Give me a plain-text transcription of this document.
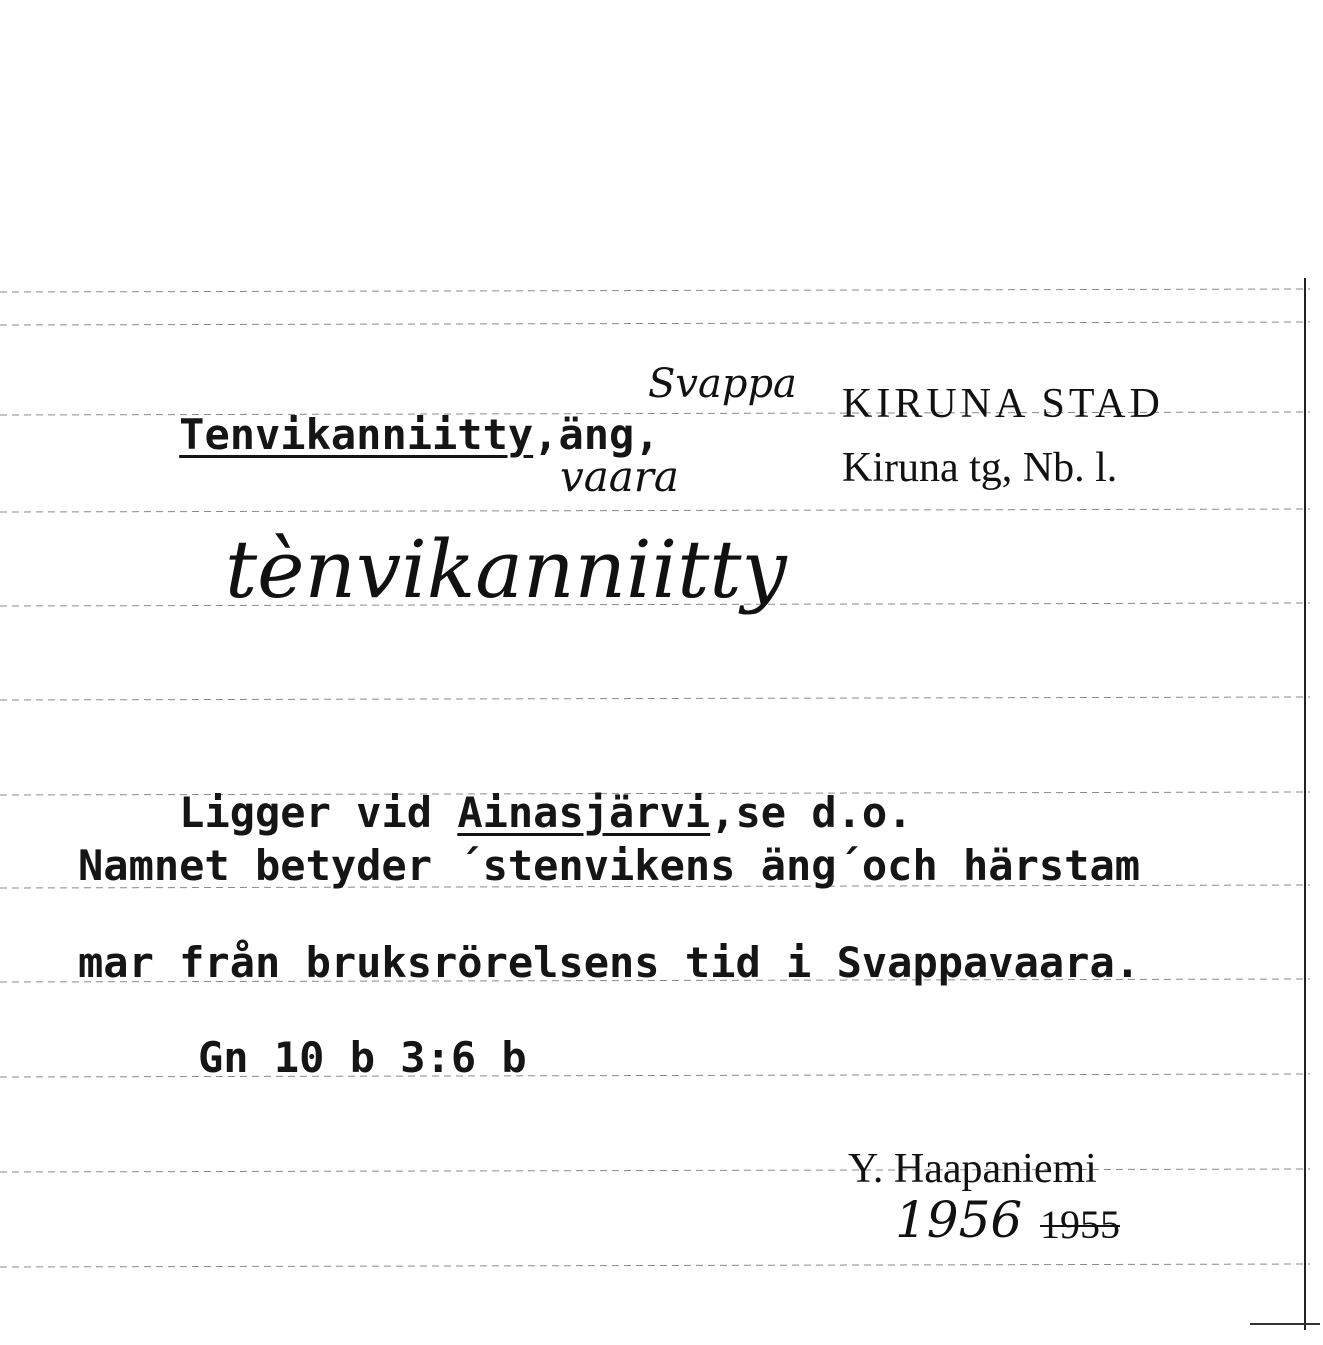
Tenvikanniitty,äng,

Svappa
vaara
KIRUNA STAD
Kiruna tg, Nb. l.
tènvikanniitty

Ligger vid Ainasjärvi,se d.o.

Namnet betyder ´stenvikens äng´och härstam
mar från bruksrörelsens tid i Svappavaara.
Gn 10 b 3:6 b
Y. Haapaniemi
1956 1955
